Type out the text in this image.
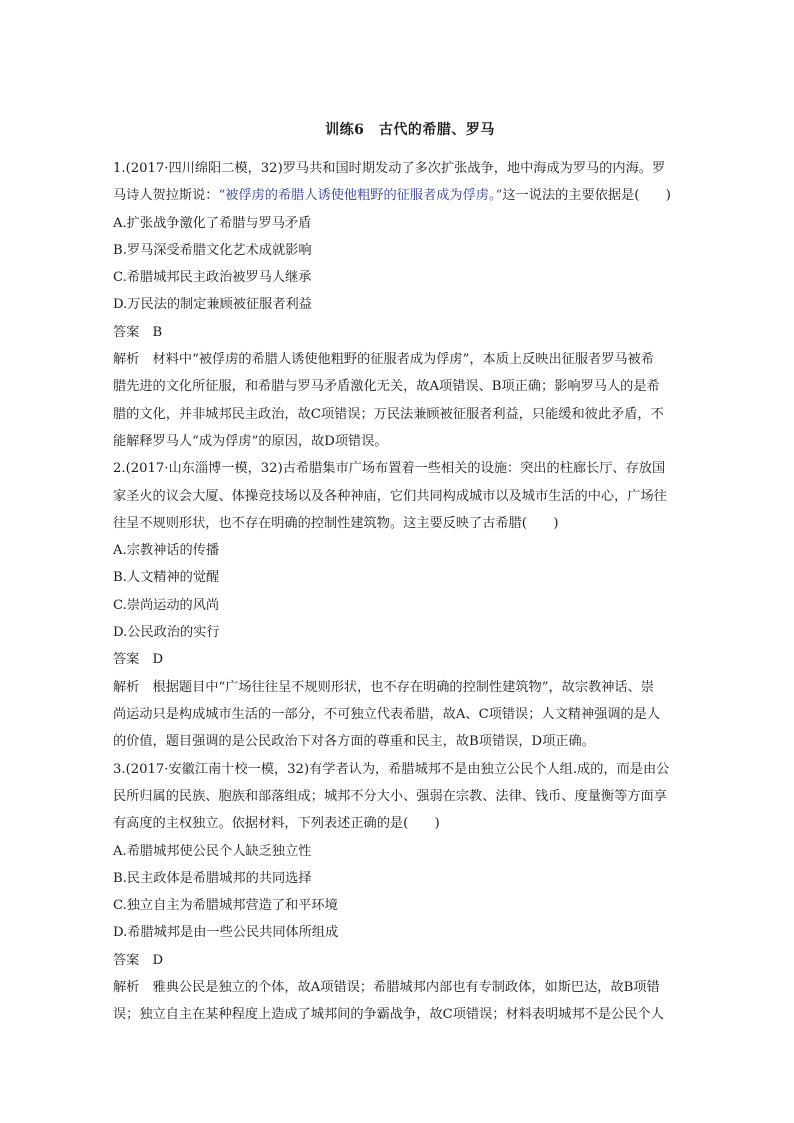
训练6　古代的希腊、罗马
1.(2017·四川绵阳二模，32)罗马共和国时期发动了多次扩张战争，地中海成为罗马的内海。罗
马诗人贺拉斯说：“被俘虏的希腊人诱使他粗野的征服者成为俘虏。”这一说法的主要依据是(　　)
A.扩张战争激化了希腊与罗马矛盾
B.罗马深受希腊文化艺术成就影响
C.希腊城邦民主政治被罗马人继承
D.万民法的制定兼顾被征服者利益
答案　B
解析　材料中“被俘虏的希腊人诱使他粗野的征服者成为俘虏”，本质上反映出征服者罗马被希
腊先进的文化所征服，和希腊与罗马矛盾激化无关，故A项错误、B项正确；影响罗马人的是希
腊的文化，并非城邦民主政治，故C项错误；万民法兼顾被征服者利益，只能缓和彼此矛盾，不
能解释罗马人“成为俘虏”的原因，故D项错误。
2.(2017·山东淄博一模，32)古希腊集市广场布置着一些相关的设施：突出的柱廊长厅、存放国
家圣火的议会大厦、体操竞技场以及各种神庙，它们共同构成城市以及城市生活的中心，广场往
往呈不规则形状，也不存在明确的控制性建筑物。这主要反映了古希腊(　　)
A.宗教神话的传播
B.人文精神的觉醒
C.崇尚运动的风尚
D.公民政治的实行
答案　D
解析　根据题目中“广场往往呈不规则形状，也不存在明确的控制性建筑物”，故宗教神话、崇
尚运动只是构成城市生活的一部分，不可独立代表希腊，故A、C项错误；人文精神强调的是人
的价值，题目强调的是公民政治下对各方面的尊重和民主，故B项错误，D项正确。
3.(2017·安徽江南十校一模，32)有学者认为，希腊城邦不是由独立公民个人组.成的，而是由公
民所归属的民族、胞族和部落组成；城邦不分大小、强弱在宗教、法律、钱币、度量衡等方面享
有高度的主权独立。依据材料，下列表述正确的是(　　)
A.希腊城邦使公民个人缺乏独立性
B.民主政体是希腊城邦的共同选择
C.独立自主为希腊城邦营造了和平环境
D.希腊城邦是由一些公民共同体所组成
答案　D
解析　雅典公民是独立的个体，故A项错误；希腊城邦内部也有专制政体，如斯巴达，故B项错
误；独立自主在某种程度上造成了城邦间的争霸战争，故C项错误；材料表明城邦不是公民个人
